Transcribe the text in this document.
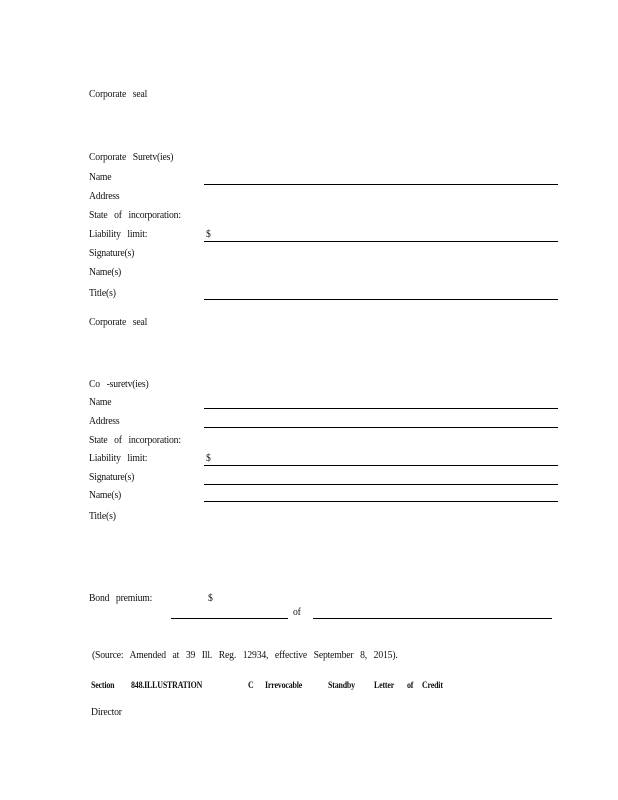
Corporate seal
Corporate Suretv(ies)
Name
Address
State of incorporation:
Liability limit:	$
Signature(s)
Name(s)
Title(s)
Corporate seal
Co -suretv(ies)
Name
Address
State of incorporation:
Liability limit:	$
Signature(s)
Name(s)
Title(s)
Bond premium:	$
of
(Source: Amended at 39 Ill. Reg. 12934, effective September 8, 2015).
Section 848.ILLUSTRATION	C Irrevocable	Standby Letter of Credit
Director
